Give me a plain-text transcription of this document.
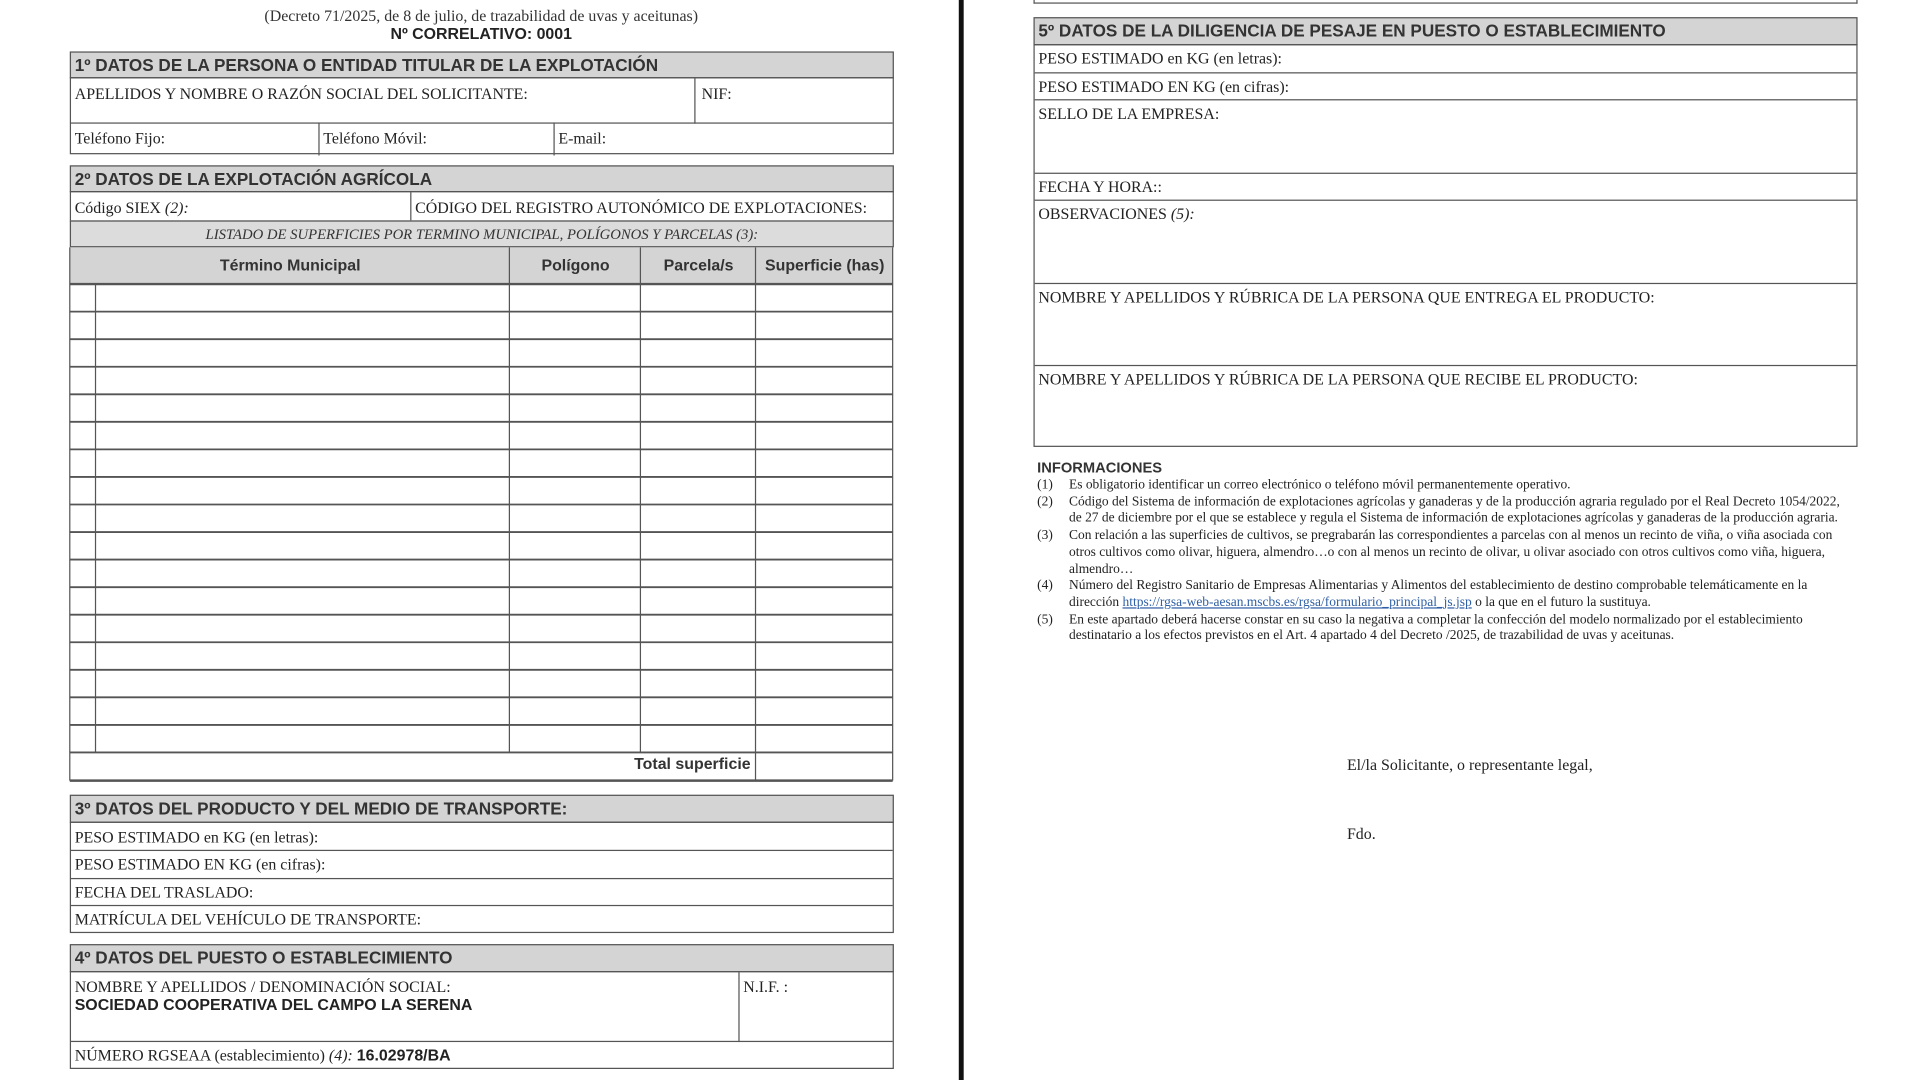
(Decreto 71/2025, de 8 de julio, de trazabilidad de uvas y aceitunas)
Nº CORRELATIVO: 0001
1º DATOS DE LA PERSONA O ENTIDAD TITULAR DE LA EXPLOTACIÓN
APELLIDOS Y NOMBRE O RAZÓN SOCIAL DEL SOLICITANTE:	NIF:
Teléfono Fijo:	Teléfono Móvil:	E-mail:
2º DATOS DE LA EXPLOTACIÓN AGRÍCOLA
Código SIEX (2):	CÓDIGO DEL REGISTRO AUTONÓMICO DE EXPLOTACIONES:
LISTADO DE SUPERFICIES POR TERMINO MUNICIPAL, POLÍGONOS Y PARCELAS (3):
Término Municipal	Polígono	Parcela/s	Superficie (has)
Total superficie
3º DATOS DEL PRODUCTO Y DEL MEDIO DE TRANSPORTE:
PESO ESTIMADO en KG (en letras):
PESO ESTIMADO EN KG (en cifras):
FECHA DEL TRASLADO:
MATRÍCULA DEL VEHÍCULO DE TRANSPORTE:
4º DATOS DEL PUESTO O ESTABLECIMIENTO
NOMBRE Y APELLIDOS / DENOMINACIÓN SOCIAL:
SOCIEDAD COOPERATIVA DEL CAMPO LA SERENA
N.I.F. :
NÚMERO RGSEAA (establecimiento) (4): 16.02978/BA
5º DATOS DE LA DILIGENCIA DE PESAJE EN PUESTO O ESTABLECIMIENTO
PESO ESTIMADO en KG (en letras):
PESO ESTIMADO EN KG (en cifras):
SELLO DE LA EMPRESA:
FECHA Y HORA::
OBSERVACIONES (5):
NOMBRE Y APELLIDOS Y RÚBRICA DE LA PERSONA QUE ENTREGA EL PRODUCTO:
NOMBRE Y APELLIDOS Y RÚBRICA DE LA PERSONA QUE RECIBE EL PRODUCTO:
INFORMACIONES
(1)	Es obligatorio identificar un correo electrónico o teléfono móvil permanentemente operativo.
(2)	Código del Sistema de información de explotaciones agrícolas y ganaderas y de la producción agraria regulado por el Real Decreto 1054/2022, de 27 de diciembre por el que se establece y regula el Sistema de información de explotaciones agrícolas y ganaderas de la producción agraria.
(3)	Con relación a las superficies de cultivos, se pregrabarán las correspondientes a parcelas con al menos un recinto de viña, o viña asociada con otros cultivos como olivar, higuera, almendro…o con al menos un recinto de olivar, u olivar asociado con otros cultivos como viña, higuera, almendro…
(4)	Número del Registro Sanitario de Empresas Alimentarias y Alimentos del establecimiento de destino comprobable telemáticamente en la dirección https://rgsa-web-aesan.mscbs.es/rgsa/formulario_principal_js.jsp o la que en el futuro la sustituya.
(5)	En este apartado deberá hacerse constar en su caso la negativa a completar la confección del modelo normalizado por el establecimiento destinatario a los efectos previstos en el Art. 4 apartado 4 del Decreto /2025, de trazabilidad de uvas y aceitunas.
El/la Solicitante, o representante legal,
Fdo.
